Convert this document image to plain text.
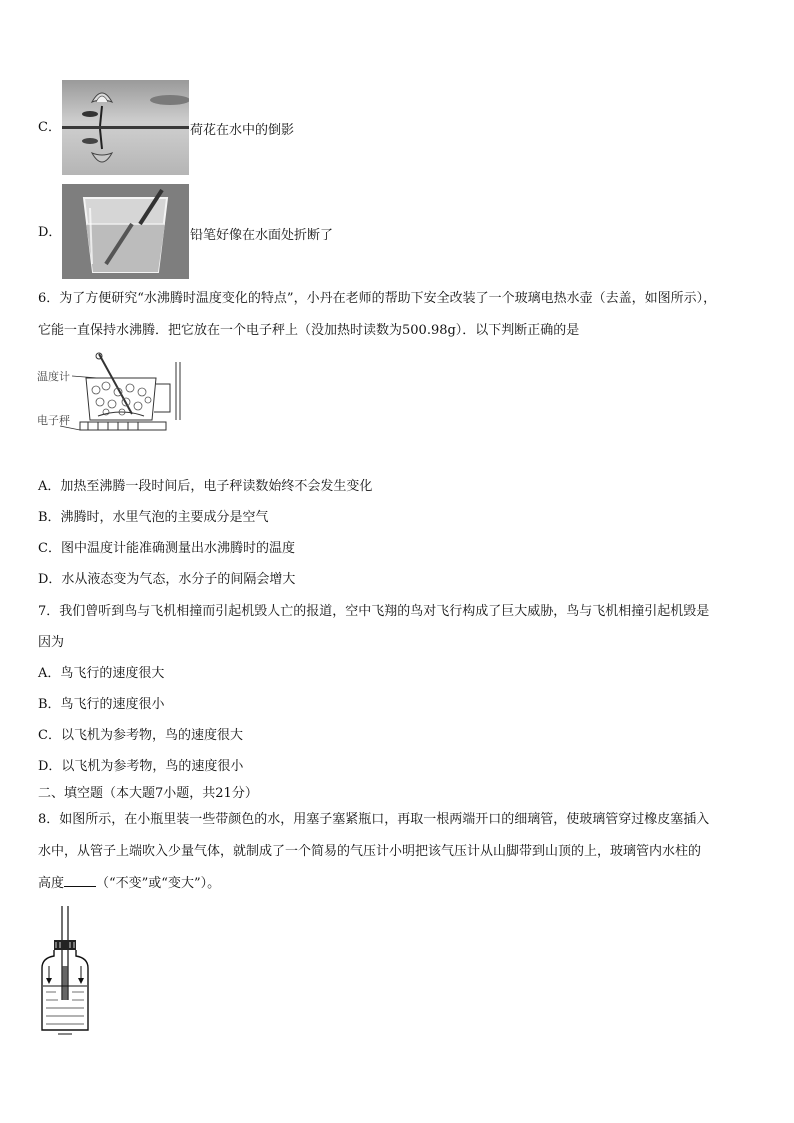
C．	荷花在水中的倒影
D．	铅笔好像在水面处折断了
6．为了方便研究“水沸腾时温度变化的特点”，小丹在老师的帮助下安全改装了一个玻璃电热水壶（去盖，如图所示），
它能一直保持水沸腾．把它放在一个电子秤上（没加热时读数为500.98g）．以下判断正确的是
温度计
电子秤
A．加热至沸腾一段时间后，电子秤读数始终不会发生变化
B．沸腾时，水里气泡的主要成分是空气
C．图中温度计能准确测量出水沸腾时的温度
D．水从液态变为气态，水分子的间隔会增大
7．我们曾听到鸟与飞机相撞而引起机毁人亡的报道，空中飞翔的鸟对飞行构成了巨大威胁，鸟与飞机相撞引起机毁是
因为
A．鸟飞行的速度很大
B．鸟飞行的速度很小
C．以飞机为参考物，鸟的速度很大
D．以飞机为参考物，鸟的速度很小
二、填空题（本大题7小题，共21分）
8．如图所示，在小瓶里装一些带颜色的水，用塞子塞紧瓶口，再取一根两端开口的细璃管，使玻璃管穿过橡皮塞插入
水中，从管子上端吹入少量气体，就制成了一个简易的气压计小明把该气压计从山脚带到山顶的上，玻璃管内水柱的
高度 （“不变”或“变大”）。
